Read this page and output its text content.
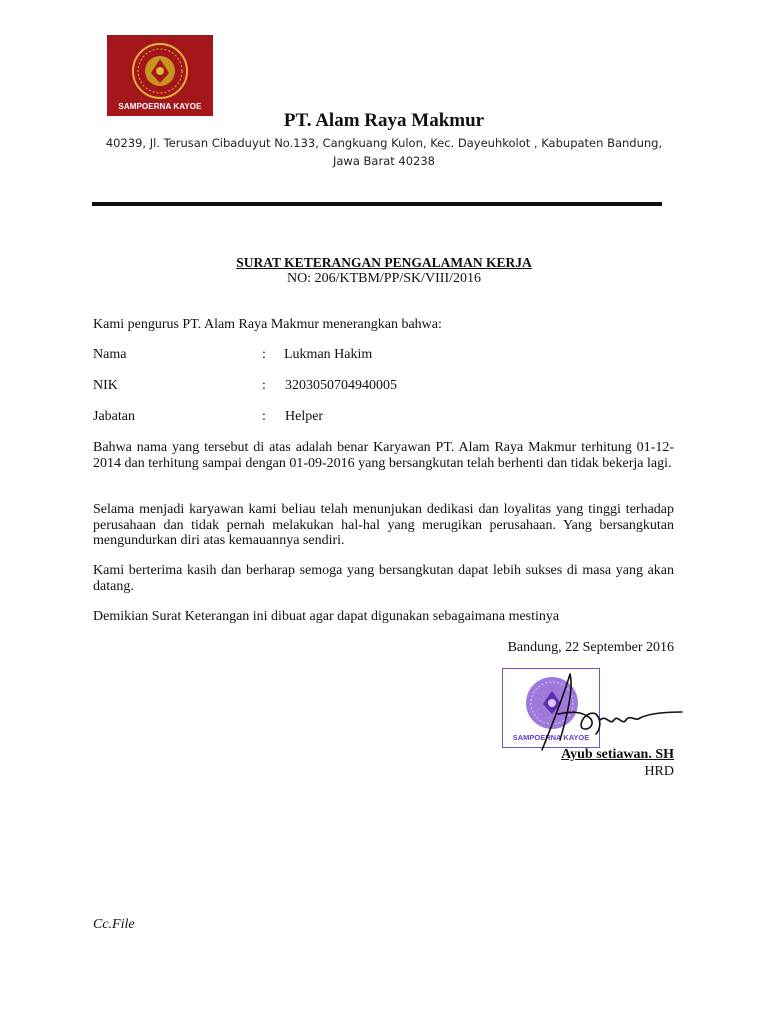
SAMPOERNA KAYOE
PT. Alam Raya Makmur
40239, Jl. Terusan Cibaduyut No.133, Cangkuang Kulon, Kec. Dayeuhkolot , Kabupaten Bandung,
Jawa Barat 40238
SURAT KETERANGAN PENGALAMAN KERJA
NO: 206/KTBM/PP/SK/VIII/2016
Kami pengurus PT. Alam Raya Makmur menerangkan bahwa:
Nama	: Lukman Hakim
NIK	: 3203050704940005
Jabatan	: Helper
Bahwa nama yang tersebut di atas adalah benar Karyawan PT. Alam Raya Makmur terhitung 01-12-2014 dan terhitung sampai dengan 01-09-2016 yang bersangkutan telah berhenti dan tidak bekerja lagi.
Selama menjadi karyawan kami beliau telah menunjukan dedikasi dan loyalitas yang tinggi terhadap perusahaan dan tidak pernah melakukan hal-hal yang merugikan perusahaan. Yang bersangkutan mengundurkan diri atas kemauannya sendiri.
Kami berterima kasih dan berharap semoga yang bersangkutan dapat lebih sukses di masa yang akan datang.
Demikian Surat Keterangan ini dibuat agar dapat digunakan sebagaimana mestinya
Bandung, 22 September 2016
SAMPOERNA KAYOE
Ayub setiawan. SH
HRD
Cc.File
